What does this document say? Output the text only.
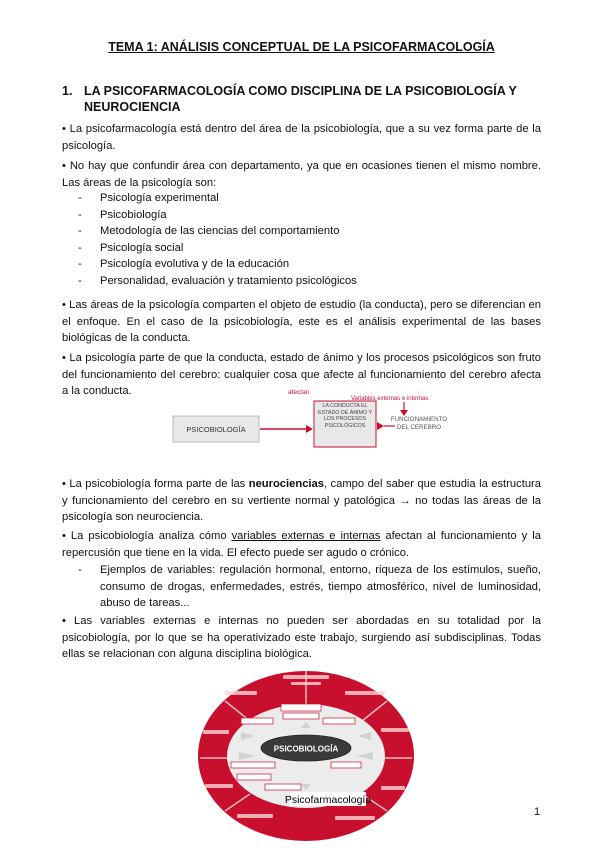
TEMA 1: ANÁLISIS CONCEPTUAL DE LA PSICOFARMACOLOGÍA
1. LA PSICOFARMACOLOGÍA COMO DISCIPLINA DE LA PSICOBIOLOGÍA Y NEUROCIENCIA
• La psicofarmacología está dentro del área de la psicobiología, que a su vez forma parte de la psicología.
• No hay que confundir área con departamento, ya que en ocasiones tienen el mismo nombre. Las áreas de la psicología son:
- Psicología experimental
- Psicobiología
- Metodología de las ciencias del comportamiento
- Psicología social
- Psicología evolutiva y de la educación
- Personalidad, evaluación y tratamiento psicológicos
• Las áreas de la psicología comparten el objeto de estudio (la conducta), pero se diferencian en el enfoque. En el caso de la psicobiología, este es el análisis experimental de las bases biológicas de la conducta.
• La psicología parte de que la conducta, estado de ánimo y los procesos psicológicos son fruto del funcionamiento del cerebro: cualquier cosa que afecte al funcionamiento del cerebro afecta a la conducta.
PSICOBIOLOGÍA
afectan
LA CONDUCTA EL ESTADO DE ÁNIMO Y LOS PROCESOS PSICOLÓGICOS
Variables externas e internas
FUNCIONAMIENTO DEL CEREBRO
• La psicobiología forma parte de las neurociencias, campo del saber que estudia la estructura y funcionamiento del cerebro en su vertiente normal y patológica → no todas las áreas de la psicología son neurociencia.
• La psicobiología analiza cómo variables externas e internas afectan al funcionamiento y la repercusión que tiene en la vida. El efecto puede ser agudo o crónico.
- Ejemplos de variables: regulación hormonal, entorno, riqueza de los estímulos, sueño, consumo de drogas, enfermedades, estrés, tiempo atmosférico, nivel de luminosidad, abuso de tareas...
• Las variables externas e internas no pueden ser abordadas en su totalidad por la psicobiología, por lo que se ha operativizado este trabajo, surgiendo así subdisciplinas. Todas ellas se relacionan con alguna disciplina biológica.
PSICOBIOLOGÍA
Psicofarmacología
1
